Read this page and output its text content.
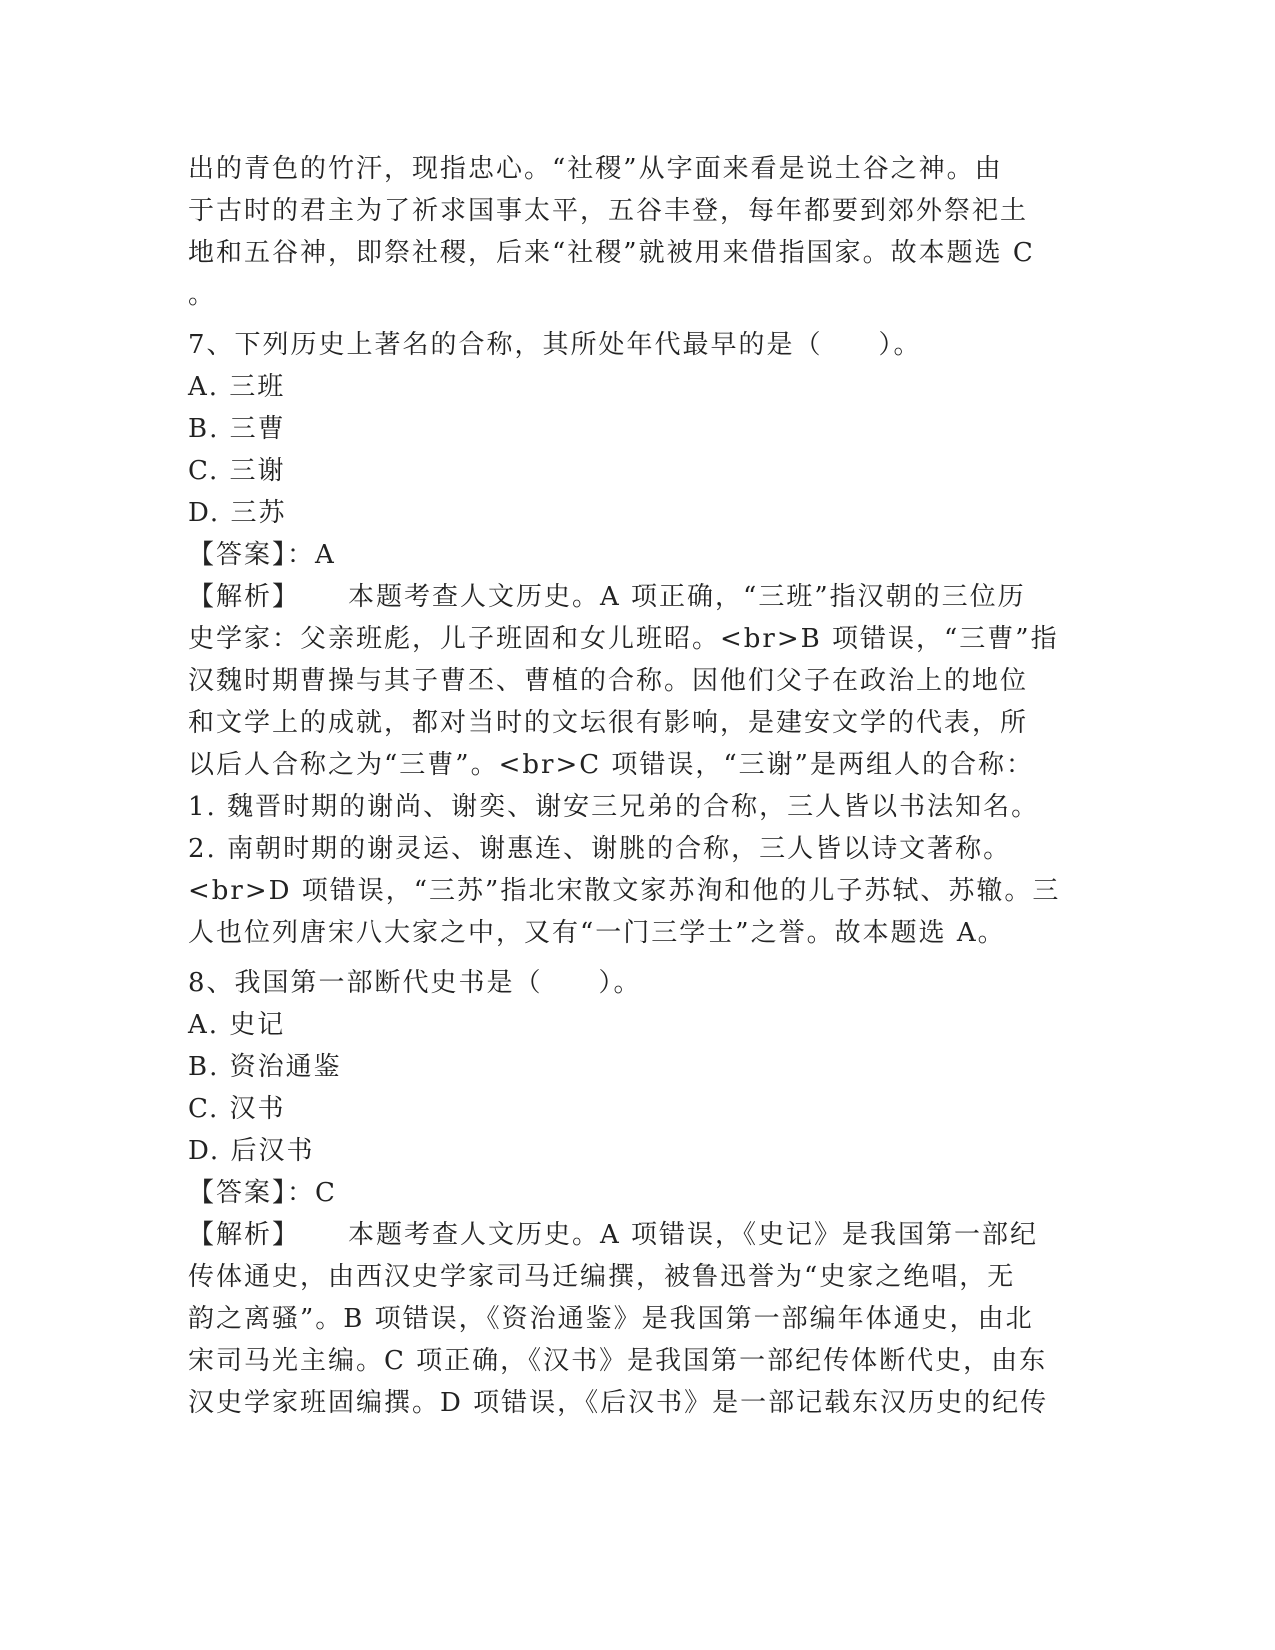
出的青色的竹汗，现指忠心。“社稷”从字面来看是说土谷之神。由
于古时的君主为了祈求国事太平，五谷丰登，每年都要到郊外祭祀土
地和五谷神，即祭社稷，后来“社稷”就被用来借指国家。故本题选 C
。
7、下列历史上著名的合称，其所处年代最早的是（　　）。
A. 三班
B. 三曹
C. 三谢
D. 三苏
【答案】：A
【解析】 本题考查人文历史。A 项正确，“三班”指汉朝的三位历
史学家：父亲班彪，儿子班固和女儿班昭。<br>B 项错误，“三曹”指
汉魏时期曹操与其子曹丕、曹植的合称。因他们父子在政治上的地位
和文学上的成就，都对当时的文坛很有影响，是建安文学的代表，所
以后人合称之为“三曹”。<br>C 项错误，“三谢”是两组人的合称：
1. 魏晋时期的谢尚、谢奕、谢安三兄弟的合称，三人皆以书法知名。
2. 南朝时期的谢灵运、谢惠连、谢朓的合称，三人皆以诗文著称。
<br>D 项错误，“三苏”指北宋散文家苏洵和他的儿子苏轼、苏辙。三
人也位列唐宋八大家之中，又有“一门三学士”之誉。故本题选 A。
8、我国第一部断代史书是（　　）。
A. 史记
B. 资治通鉴
C. 汉书
D. 后汉书
【答案】：C
【解析】 本题考查人文历史。A 项错误，《史记》是我国第一部纪
传体通史，由西汉史学家司马迁编撰，被鲁迅誉为“史家之绝唱，无
韵之离骚”。B 项错误，《资治通鉴》是我国第一部编年体通史，由北
宋司马光主编。C 项正确，《汉书》是我国第一部纪传体断代史，由东
汉史学家班固编撰。D 项错误，《后汉书》是一部记载东汉历史的纪传
